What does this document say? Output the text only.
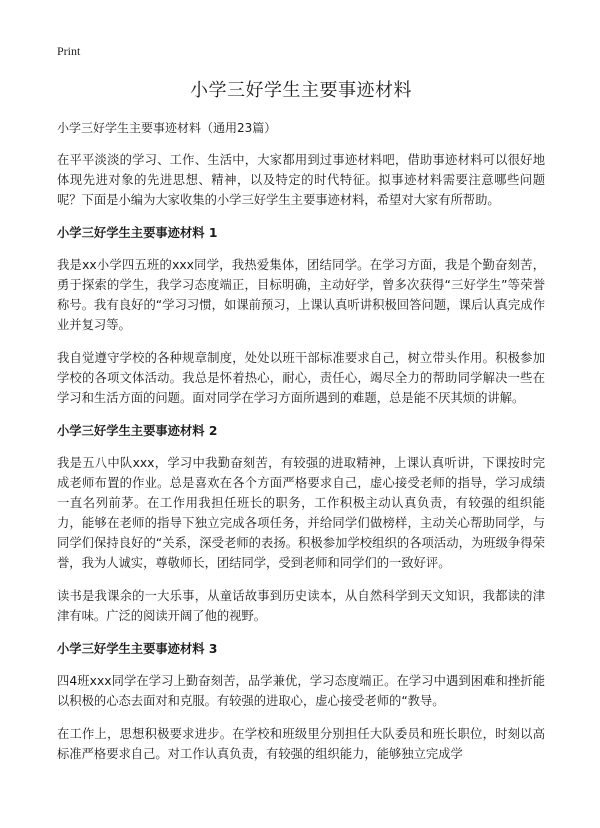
Print
小学三好学生主要事迹材料
小学三好学生主要事迹材料（通用23篇）

在平平淡淡的学习、工作、生活中，大家都用到过事迹材料吧，借助事迹材料可以很好地体现先进对象的先进思想、精神，以及特定的时代特征。拟事迹材料需要注意哪些问题呢？下面是小编为大家收集的小学三好学生主要事迹材料，希望对大家有所帮助。

小学三好学生主要事迹材料 1

我是xx小学四五班的xxx同学，我热爱集体，团结同学。在学习方面，我是个勤奋刻苦，勇于探索的学生，我学习态度端正，目标明确，主动好学，曾多次获得“三好学生”等荣誉称号。我有良好的“学习习惯，如课前预习，上课认真听讲积极回答问题，课后认真完成作业并复习等。

我自觉遵守学校的各种规章制度，处处以班干部标准要求自己，树立带头作用。积极参加学校的各项文体活动。我总是怀着热心，耐心，责任心，竭尽全力的帮助同学解决一些在学习和生活方面的问题。面对同学在学习方面所遇到的难题，总是能不厌其烦的讲解。

小学三好学生主要事迹材料 2

我是五八中队xxx，学习中我勤奋刻苦，有较强的进取精神，上课认真听讲，下课按时完成老师布置的作业。总是喜欢在各个方面严格要求自己，虚心接受老师的指导，学习成绩一直名列前茅。在工作用我担任班长的职务，工作积极主动认真负责，有较强的组织能力，能够在老师的指导下独立完成各项任务，并给同学们做榜样，主动关心帮助同学，与同学们保持良好的“关系，深受老师的表扬。积极参加学校组织的各项活动，为班级争得荣誉，我为人诚实，尊敬师长，团结同学，受到老师和同学们的一致好评。

读书是我课余的一大乐事，从童话故事到历史读本，从自然科学到天文知识，我都读的津津有味。广泛的阅读开阔了他的视野。

小学三好学生主要事迹材料 3

四4班xxx同学在学习上勤奋刻苦，品学兼优，学习态度端正。在学习中遇到困难和挫折能以积极的心态去面对和克服。有较强的进取心，虚心接受老师的“教导。

在工作上，思想积极要求进步。在学校和班级里分别担任大队委员和班长职位，时刻以高标准严格要求自己。对工作认真负责，有较强的组织能力，能够独立完成学
